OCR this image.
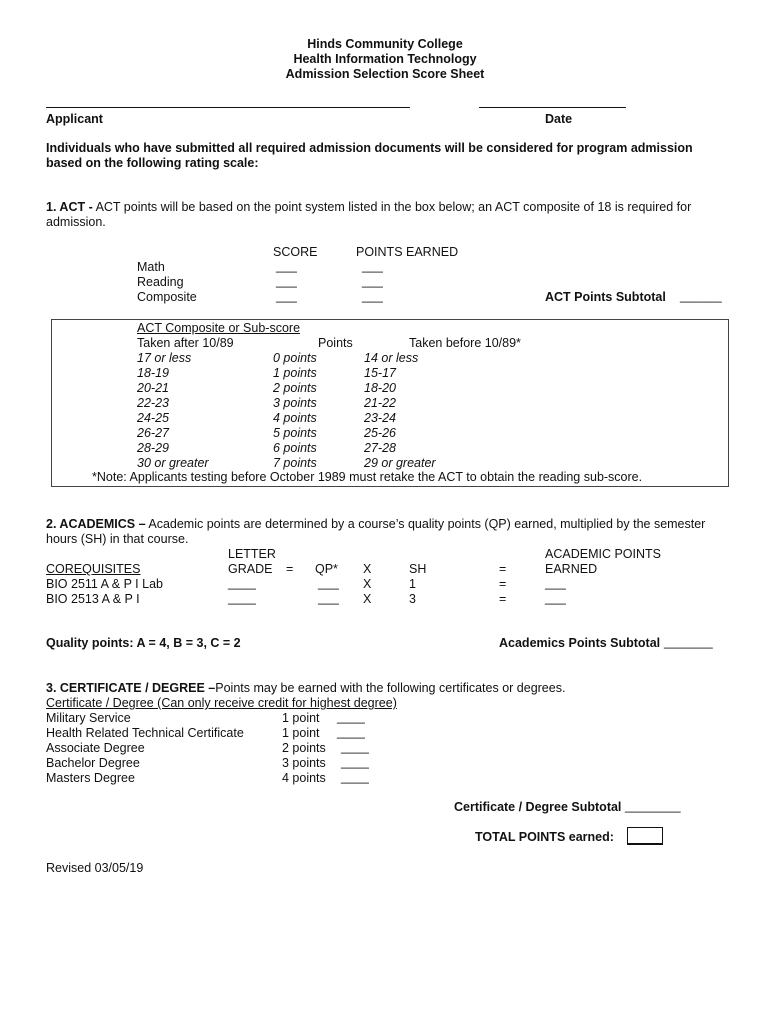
Hinds Community College
Health Information Technology
Admission Selection Score Sheet
Applicant	Date
Individuals who have submitted all required admission documents will be considered for program admission
based on the following rating scale:
1. ACT - ACT points will be based on the point system listed in the box below; an ACT composite of 18 is required for
admission.
SCORE	POINTS EARNED
Math	___	___
Reading	___	___
Composite	___	___	ACT Points Subtotal ______
ACT Composite or Sub-score
Taken after 10/89	Points	Taken before 10/89*
17 or less	0 points	14 or less
18-19	1 points	15-17
20-21	2 points	18-20
22-23	3 points	21-22
24-25	4 points	23-24
26-27	5 points	25-26
28-29	6 points	27-28
30 or greater	7 points	29 or greater
*Note: Applicants testing before October 1989 must retake the ACT to obtain the reading sub-score.
2. ACADEMICS – Academic points are determined by a course’s quality points (QP) earned, multiplied by the semester
hours (SH) in that course.
LETTER	ACADEMIC POINTS
COREQUISITES	GRADE = QP* X	SH	=	EARNED
BIO 2511 A & P I Lab	____	___ X	1	=	___
BIO 2513 A & P I	____	___ X	3	=	___
Quality points: A = 4, B = 3, C = 2	Academics Points Subtotal _______
3. CERTIFICATE / DEGREE –Points may be earned with the following certificates or degrees.
Certificate / Degree (Can only receive credit for highest degree)
Military Service	1 point ____
Health Related Technical Certificate	1 point ____
Associate Degree	2 points ____
Bachelor Degree	3 points ____
Masters Degree	4 points ____
Certificate / Degree Subtotal ________
TOTAL POINTS earned:
Revised 03/05/19
